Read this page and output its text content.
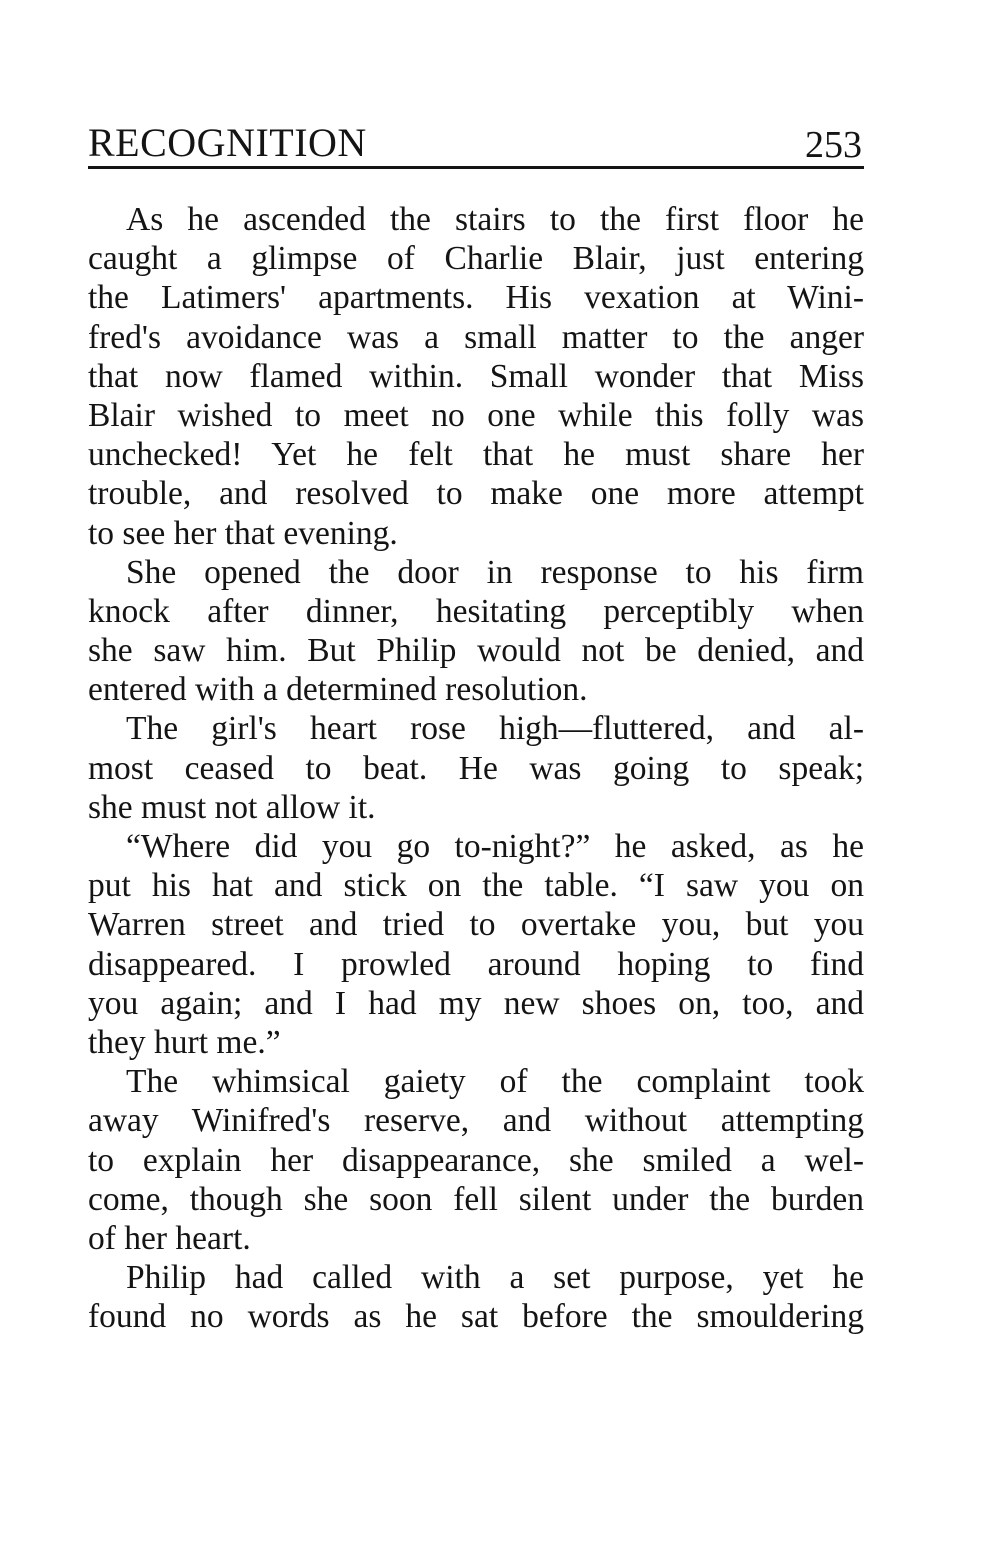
RECOGNITION	253
As he ascended the stairs to the first floor he
caught a glimpse of Charlie Blair, just entering
the Latimers' apartments. His vexation at Wini-
fred's avoidance was a small matter to the anger
that now flamed within. Small wonder that Miss
Blair wished to meet no one while this folly was
unchecked! Yet he felt that he must share her
trouble, and resolved to make one more attempt
to see her that evening.
She opened the door in response to his firm
knock after dinner, hesitating perceptibly when
she saw him. But Philip would not be denied, and
entered with a determined resolution.
The girl's heart rose high—fluttered, and al-
most ceased to beat. He was going to speak;
she must not allow it.
“Where did you go to-night?” he asked, as he
put his hat and stick on the table. “I saw you on
Warren street and tried to overtake you, but you
disappeared. I prowled around hoping to find
you again; and I had my new shoes on, too, and
they hurt me.”
The whimsical gaiety of the complaint took
away Winifred's reserve, and without attempting
to explain her disappearance, she smiled a wel-
come, though she soon fell silent under the burden
of her heart.
Philip had called with a set purpose, yet he
found no words as he sat before the smouldering
